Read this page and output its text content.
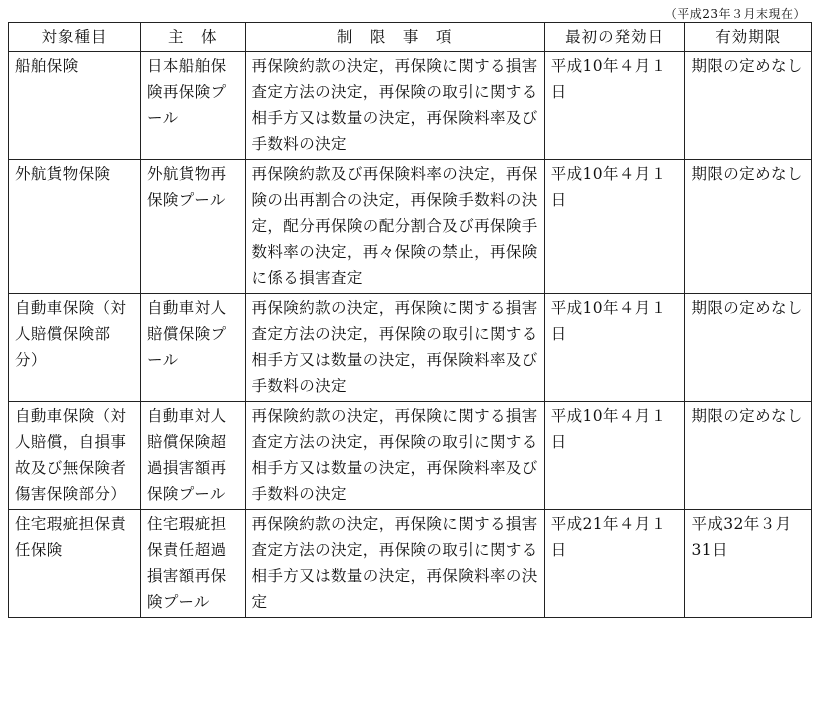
（平成23年３月末現在）
対象種目	主　体	制　限　事　項	最初の発効日	有効期限
船舶保険	日本船舶保険再保険プール	再保険約款の決定，再保険に関する損害査定方法の決定，再保険の取引に関する相手方又は数量の決定，再保険料率及び手数料の決定	平成10年４月１日	期限の定めなし
外航貨物保険	外航貨物再保険プール	再保険約款及び再保険料率の決定，再保険の出再割合の決定，再保険手数料の決定，配分再保険の配分割合及び再保険手数料率の決定，再々保険の禁止，再保険に係る損害査定	平成10年４月１日	期限の定めなし
自動車保険（対人賠償保険部分）	自動車対人賠償保険プール	再保険約款の決定，再保険に関する損害査定方法の決定，再保険の取引に関する相手方又は数量の決定，再保険料率及び手数料の決定	平成10年４月１日	期限の定めなし
自動車保険（対人賠償，自損事故及び無保険者傷害保険部分）	自動車対人賠償保険超過損害額再保険プール	再保険約款の決定，再保険に関する損害査定方法の決定，再保険の取引に関する相手方又は数量の決定，再保険料率及び手数料の決定	平成10年４月１日	期限の定めなし
住宅瑕疵担保責任保険	住宅瑕疵担保責任超過損害額再保険プール	再保険約款の決定，再保険に関する損害査定方法の決定，再保険の取引に関する相手方又は数量の決定，再保険料率の決定	平成21年４月１日	平成32年３月31日
